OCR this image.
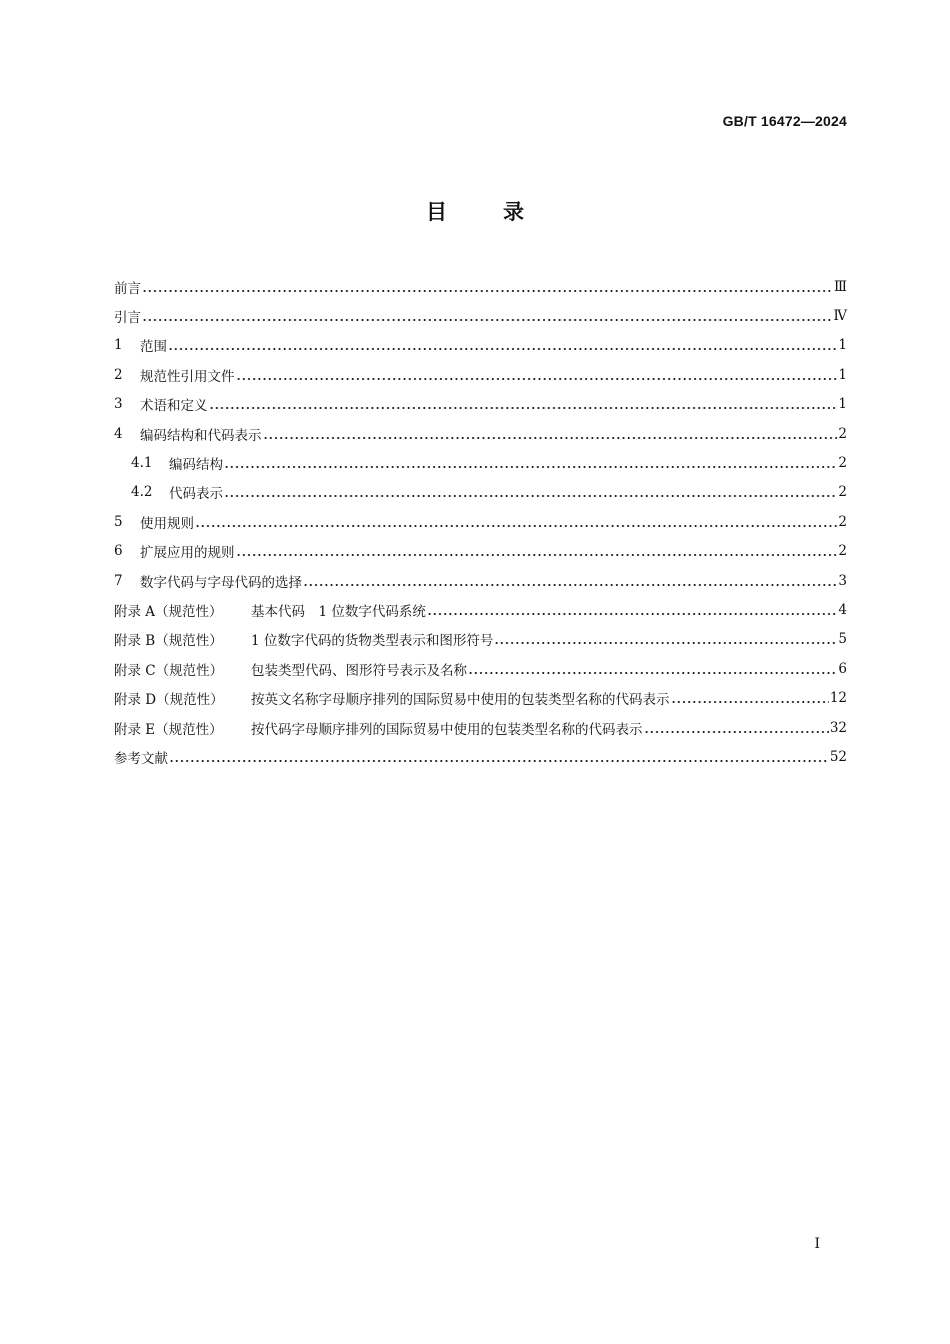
GB/T 16472—2024
目录
前言	Ⅲ
引言	Ⅳ
1	范围	1
2	规范性引用文件	1
3	术语和定义	1
4	编码结构和代码表示	2
4.1	编码结构	2
4.2	代码表示	2
5	使用规则	2
6	扩展应用的规则	2
7	数字代码与字母代码的选择	3
附录 A（规范性）	基本代码　1 位数字代码系统	4
附录 B（规范性）	1 位数字代码的货物类型表示和图形符号	5
附录 C（规范性）	包装类型代码、图形符号表示及名称	6
附录 D（规范性）	按英文名称字母顺序排列的国际贸易中使用的包装类型名称的代码表示	12
附录 E（规范性）	按代码字母顺序排列的国际贸易中使用的包装类型名称的代码表示	32
参考文献	52
Ⅰ
